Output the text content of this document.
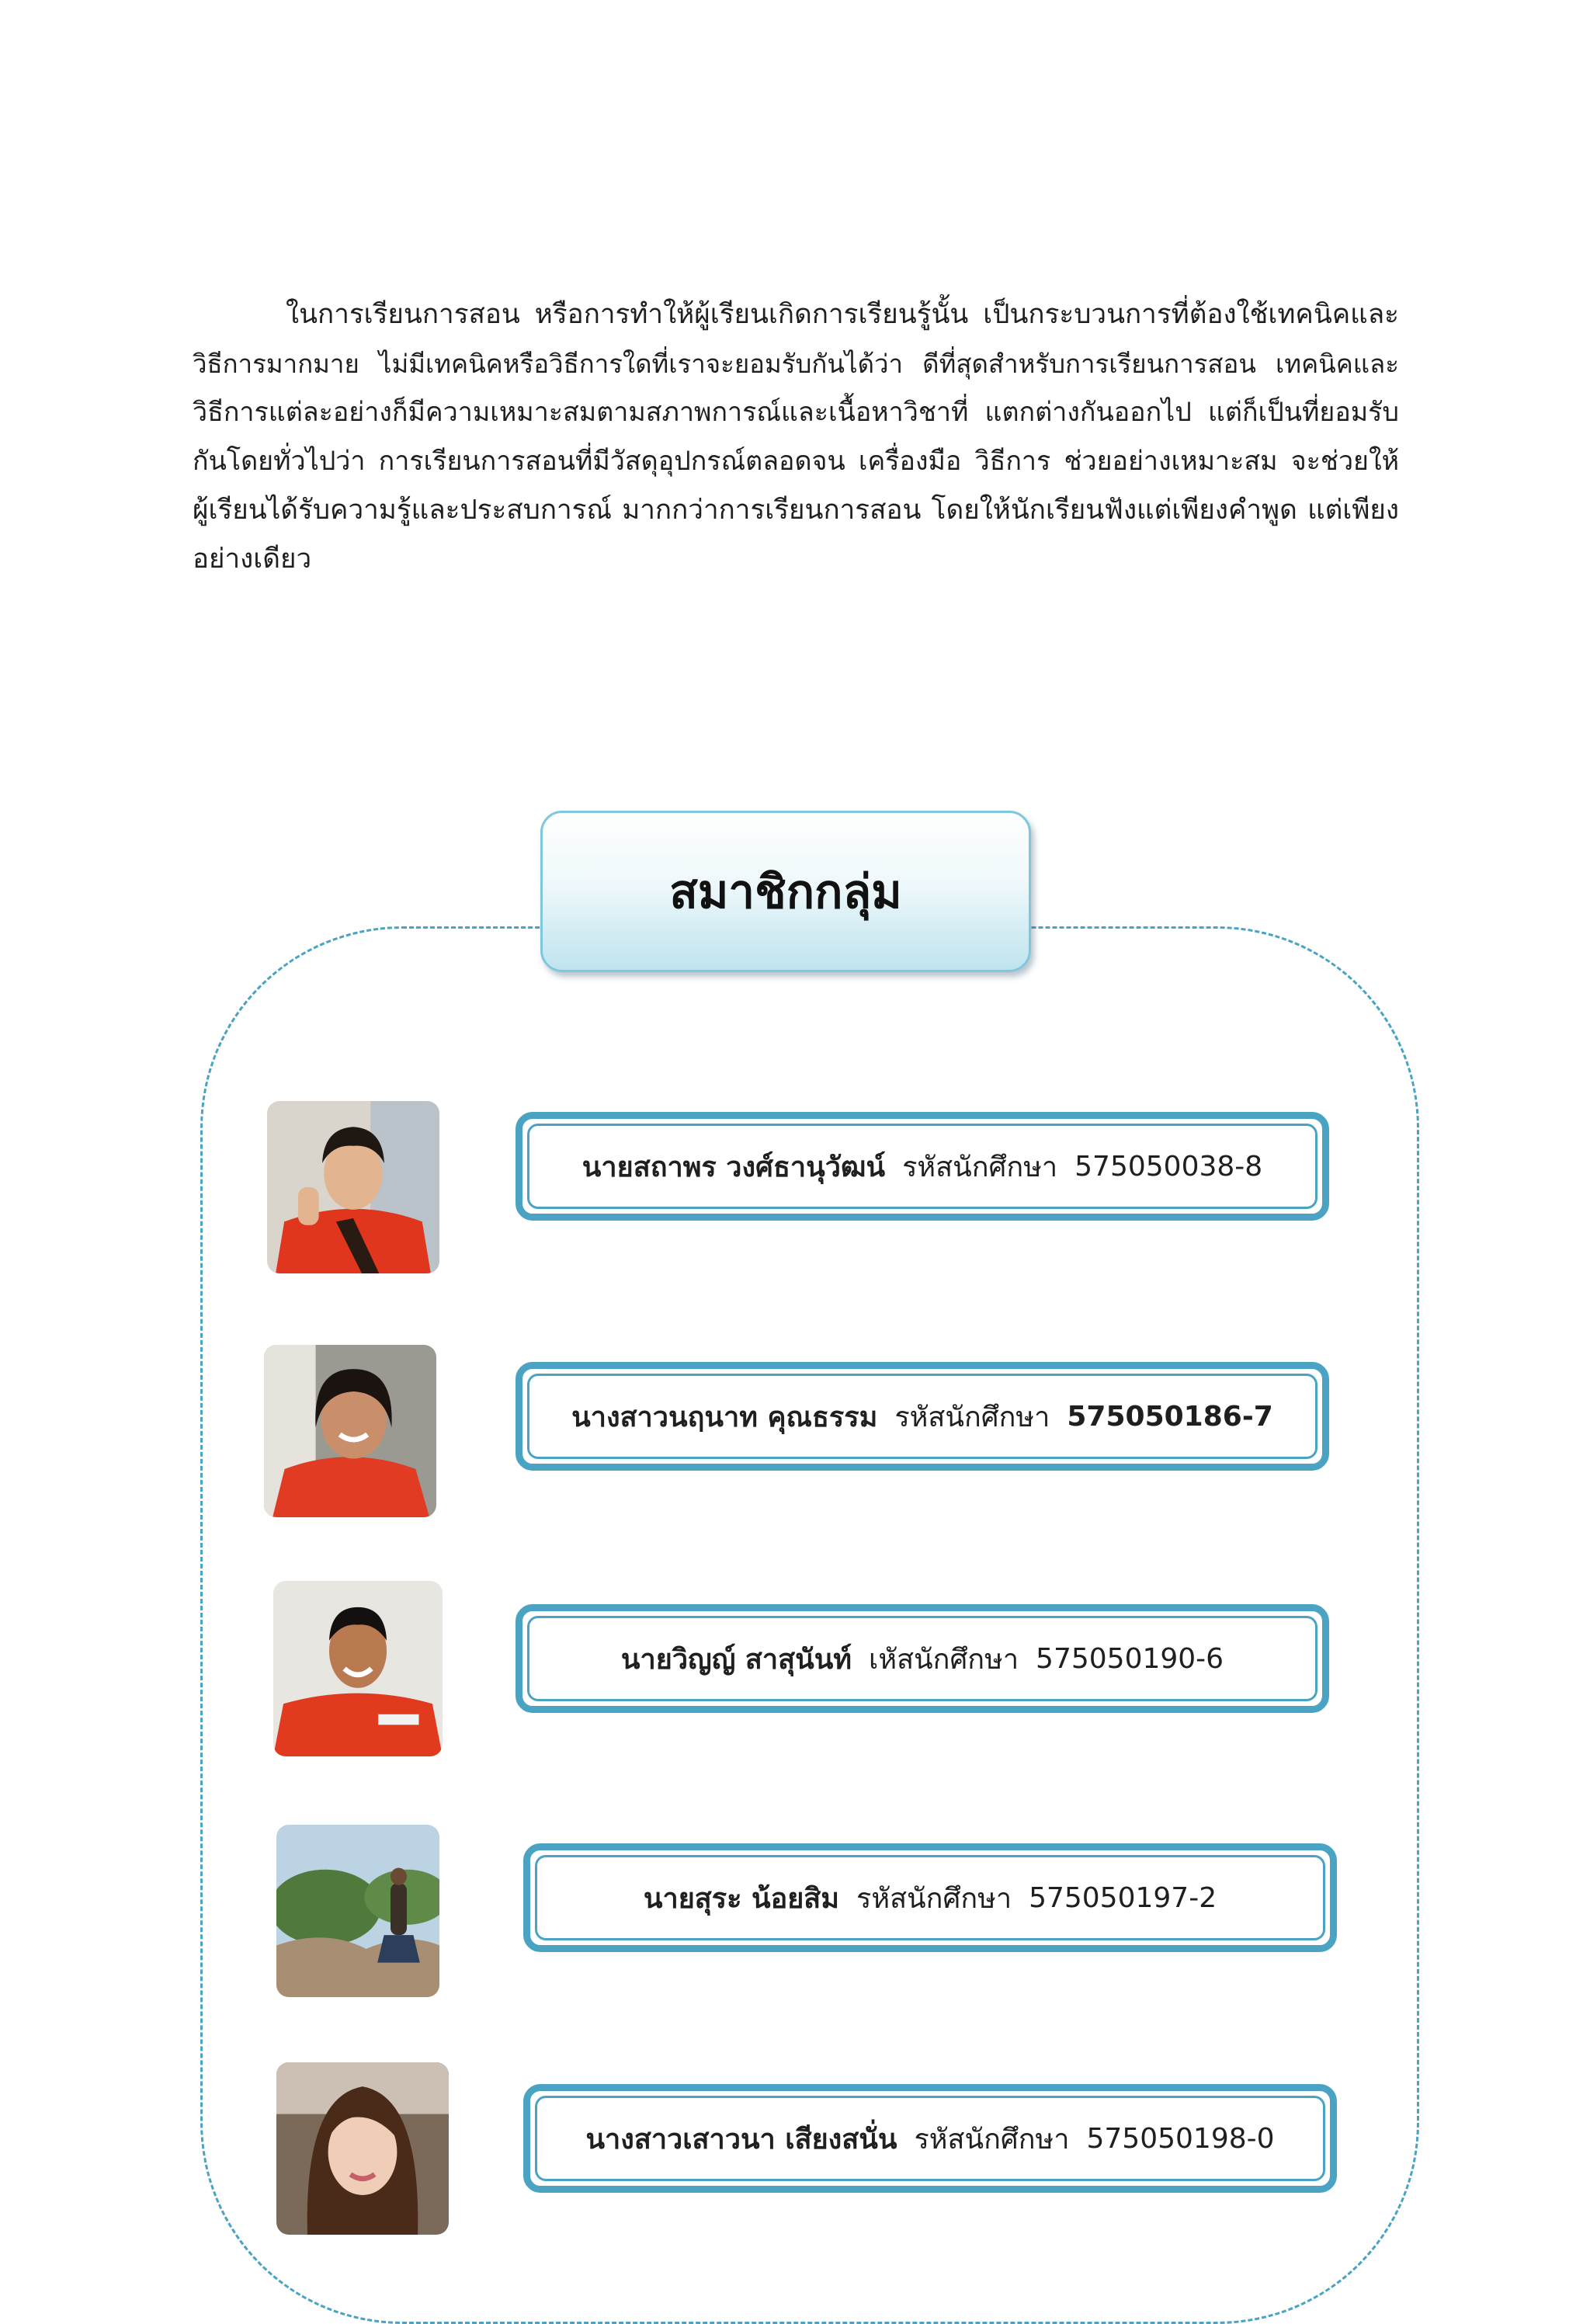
ในการเรียนการสอน หรือการทำให้ผู้เรียนเกิดการเรียนรู้นั้น เป็นกระบวนการที่ต้องใช้เทคนิคและ
วิธีการมากมาย ไม่มีเทคนิคหรือวิธีการใดที่เราจะยอมรับกันได้ว่า ดีที่สุดสำหรับการเรียนการสอน เทคนิคและ
วิธีการแต่ละอย่างก็มีความเหมาะสมตามสภาพการณ์และเนื้อหาวิชาที่ แตกต่างกันออกไป แต่ก็เป็นที่ยอมรับ
กันโดยทั่วไปว่า การเรียนการสอนที่มีวัสดุอุปกรณ์ตลอดจน เครื่องมือ วิธีการ ช่วยอย่างเหมาะสม จะช่วยให้
ผู้เรียนได้รับความรู้และประสบการณ์ มากกว่าการเรียนการสอน โดยให้นักเรียนฟังแต่เพียงคำพูด แต่เพียง
อย่างเดียว
สมาชิกกลุ่ม
นายสถาพร วงศ์ธานุวัฒน์ รหัสนักศึกษา 575050038-8
นางสาวนฤนาท คุณธรรม รหัสนักศึกษา 575050186-7
นายวิญญ์ สาสุนันท์ เหัสนักศึกษา 575050190-6
นายสุระ น้อยสิม รหัสนักศึกษา 575050197-2
นางสาวเสาวนา เสียงสนั่น รหัสนักศึกษา 575050198-0
